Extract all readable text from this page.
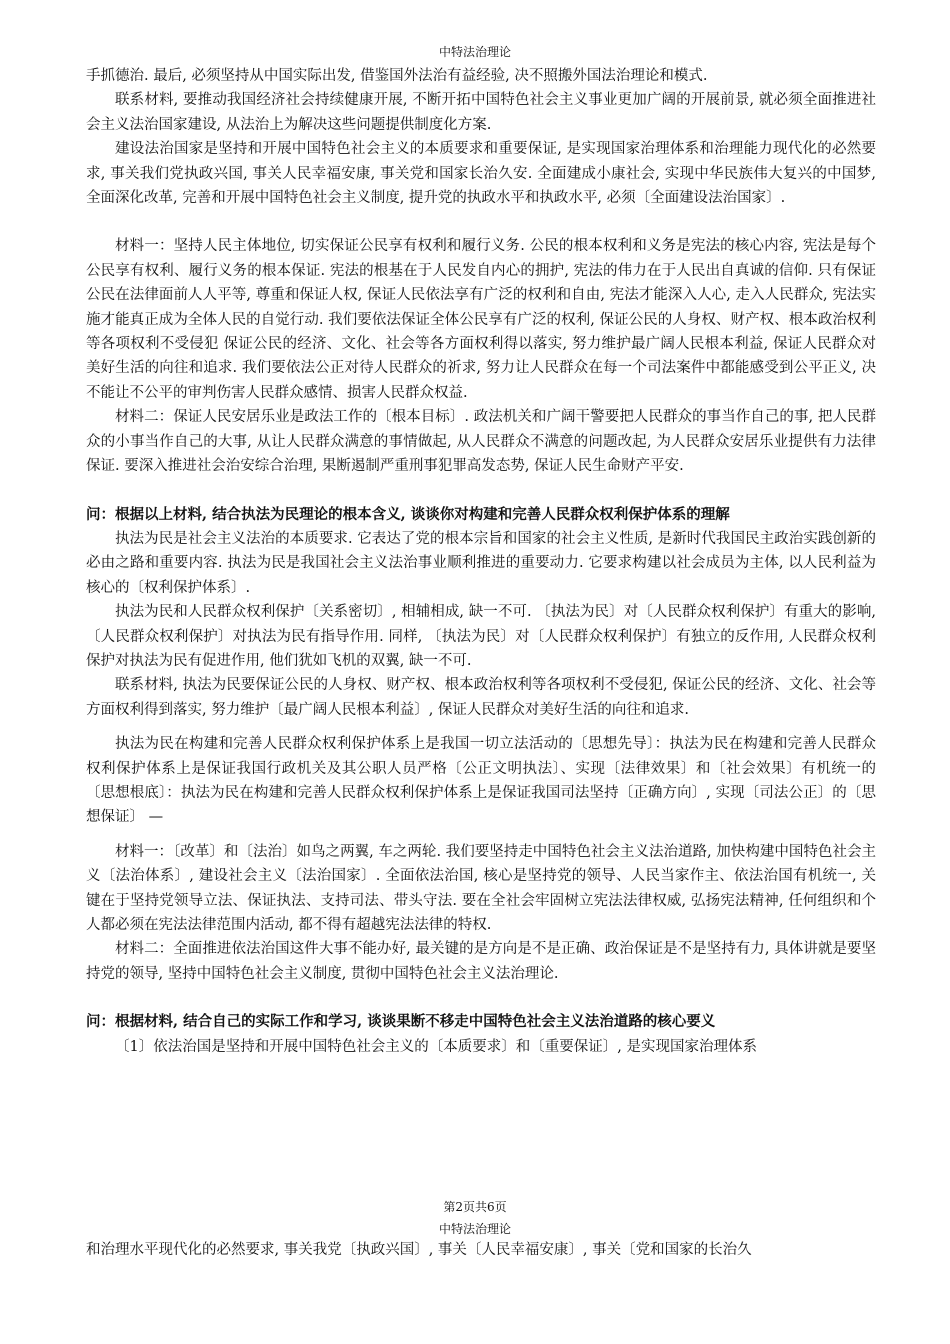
中特法治理论

手抓德治. 最后, 必须坚持从中国实际出发, 借鉴国外法治有益经验, 决不照搬外国法治理论和模式.

联系材料, 要推动我国经济社会持续健康开展, 不断开拓中国特色社会主义事业更加广阔的开展前景, 就必须全面推进社会主义法治国家建设, 从法治上为解决这些问题提供制度化方案.

建设法治国家是坚持和开展中国特色社会主义的本质要求和重要保证, 是实现国家治理体系和治理能力现代化的必然要求, 事关我们党执政兴国, 事关人民幸福安康, 事关党和国家长治久安. 全面建成小康社会, 实现中华民族伟大复兴的中国梦, 全面深化改革, 完善和开展中国特色社会主义制度, 提升党的执政水平和执政水平, 必须〔全面建设法治国家〕.

材料一：坚持人民主体地位, 切实保证公民享有权利和履行义务. 公民的根本权利和义务是宪法的核心内容, 宪法是每个公民享有权利、履行义务的根本保证. 宪法的根基在于人民发自内心的拥护, 宪法的伟力在于人民出自真诚的信仰. 只有保证公民在法律面前人人平等, 尊重和保证人权, 保证人民依法享有广泛的权利和自由, 宪法才能深入人心, 走入人民群众, 宪法实施才能真正成为全体人民的自觉行动. 我们要依法保证全体公民享有广泛的权利, 保证公民的人身权、财产权、根本政治权利等各项权利不受侵犯 保证公民的经济、文化、社会等各方面权利得以落实, 努力维护最广阔人民根本利益, 保证人民群众对美好生活的向往和追求. 我们要依法公正对待人民群众的祈求, 努力让人民群众在每一个司法案件中都能感受到公平正义, 决不能让不公平的审判伤害人民群众感情、损害人民群众权益.

材料二：保证人民安居乐业是政法工作的〔根本目标〕. 政法机关和广阔干警要把人民群众的事当作自己的事, 把人民群众的小事当作自己的大事, 从让人民群众满意的事情做起, 从人民群众不满意的问题改起, 为人民群众安居乐业提供有力法律保证. 要深入推进社会治安综合治理, 果断遏制严重刑事犯罪高发态势, 保证人民生命财产平安.

问：根据以上材料, 结合执法为民理论的根本含义, 谈谈你对构建和完善人民群众权利保护体系的理解

执法为民是社会主义法治的本质要求. 它表达了党的根本宗旨和国家的社会主义性质, 是新时代我国民主政治实践创新的必由之路和重要内容. 执法为民是我国社会主义法治事业顺利推进的重要动力. 它要求构建以社会成员为主体, 以人民利益为核心的〔权利保护体系〕.

执法为民和人民群众权利保护〔关系密切〕, 相辅相成, 缺一不可. 〔执法为民〕对〔人民群众权利保护〕有重大的影响, 〔人民群众权利保护〕对执法为民有指导作用. 同样, 〔执法为民〕对〔人民群众权利保护〕有独立的反作用, 人民群众权利保护对执法为民有促进作用, 他们犹如飞机的双翼, 缺一不可.

联系材料, 执法为民要保证公民的人身权、财产权、根本政治权利等各项权利不受侵犯, 保证公民的经济、文化、社会等方面权利得到落实, 努力维护〔最广阔人民根本利益〕, 保证人民群众对美好生活的向往和追求.

执法为民在构建和完善人民群众权利保护体系上是我国一切立法活动的〔思想先导〕：执法为民在构建和完善人民群众权利保护体系上是保证我国行政机关及其公职人员严格〔公正文明执法〕、实现〔法律效果〕和〔社会效果〕有机统一的〔思想根底〕：执法为民在构建和完善人民群众权利保护体系上是保证我国司法坚持〔正确方向〕, 实现〔司法公正〕的〔思想保证〕 —

材料一：〔改革〕和〔法治〕如鸟之两翼, 车之两轮. 我们要坚持走中国特色社会主义法治道路, 加快构建中国特色社会主义〔法治体系〕, 建设社会主义〔法治国家〕. 全面依法治国, 核心是坚持党的领导、人民当家作主、依法治国有机统一, 关键在于坚持党领导立法、保证执法、支持司法、带头守法. 要在全社会牢固树立宪法法律权威, 弘扬宪法精神, 任何组织和个人都必须在宪法法律范围内活动, 都不得有超越宪法法律的特权.

材料二：全面推进依法治国这件大事不能办好, 最关键的是方向是不是正确、政治保证是不是坚持有力, 具体讲就是要坚持党的领导, 坚持中国特色社会主义制度, 贯彻中国特色社会主义法治理论.

问：根据材料, 结合自己的实际工作和学习, 谈谈果断不移走中国特色社会主义法治道路的核心要义

〔1〕依法治国是坚持和开展中国特色社会主义的〔本质要求〕和〔重要保证〕, 是实现国家治理体系

第2页共6页
中特法治理论

和治理水平现代化的必然要求, 事关我党〔执政兴国〕, 事关〔人民幸福安康〕, 事关〔党和国家的长治久
